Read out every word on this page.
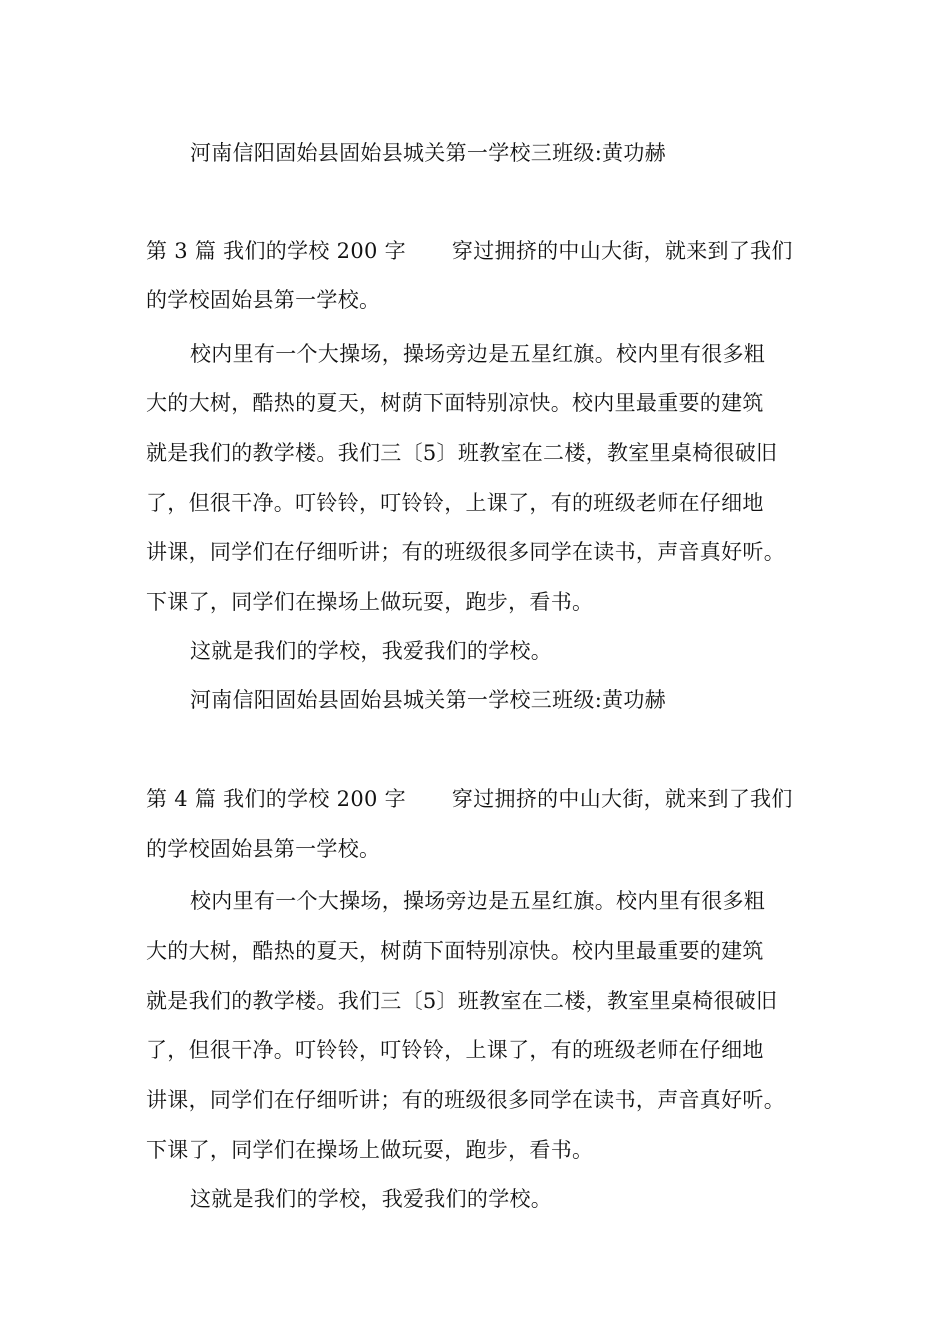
河南信阳固始县固始县城关第一学校三班级:黄功赫
第 3 篇 我们的学校 200 字 穿过拥挤的中山大街，就来到了我们
的学校固始县第一学校。
校内里有一个大操场，操场旁边是五星红旗。校内里有很多粗
大的大树，酷热的夏天，树荫下面特别凉快。校内里最重要的建筑
就是我们的教学楼。我们三〔5〕班教室在二楼，教室里桌椅很破旧
了，但很干净。叮铃铃，叮铃铃，上课了，有的班级老师在仔细地
讲课，同学们在仔细听讲；有的班级很多同学在读书，声音真好听。
下课了，同学们在操场上做玩耍，跑步，看书。
这就是我们的学校，我爱我们的学校。
河南信阳固始县固始县城关第一学校三班级:黄功赫
第 4 篇 我们的学校 200 字 穿过拥挤的中山大街，就来到了我们
的学校固始县第一学校。
校内里有一个大操场，操场旁边是五星红旗。校内里有很多粗
大的大树，酷热的夏天，树荫下面特别凉快。校内里最重要的建筑
就是我们的教学楼。我们三〔5〕班教室在二楼，教室里桌椅很破旧
了，但很干净。叮铃铃，叮铃铃，上课了，有的班级老师在仔细地
讲课，同学们在仔细听讲；有的班级很多同学在读书，声音真好听。
下课了，同学们在操场上做玩耍，跑步，看书。
这就是我们的学校，我爱我们的学校。
